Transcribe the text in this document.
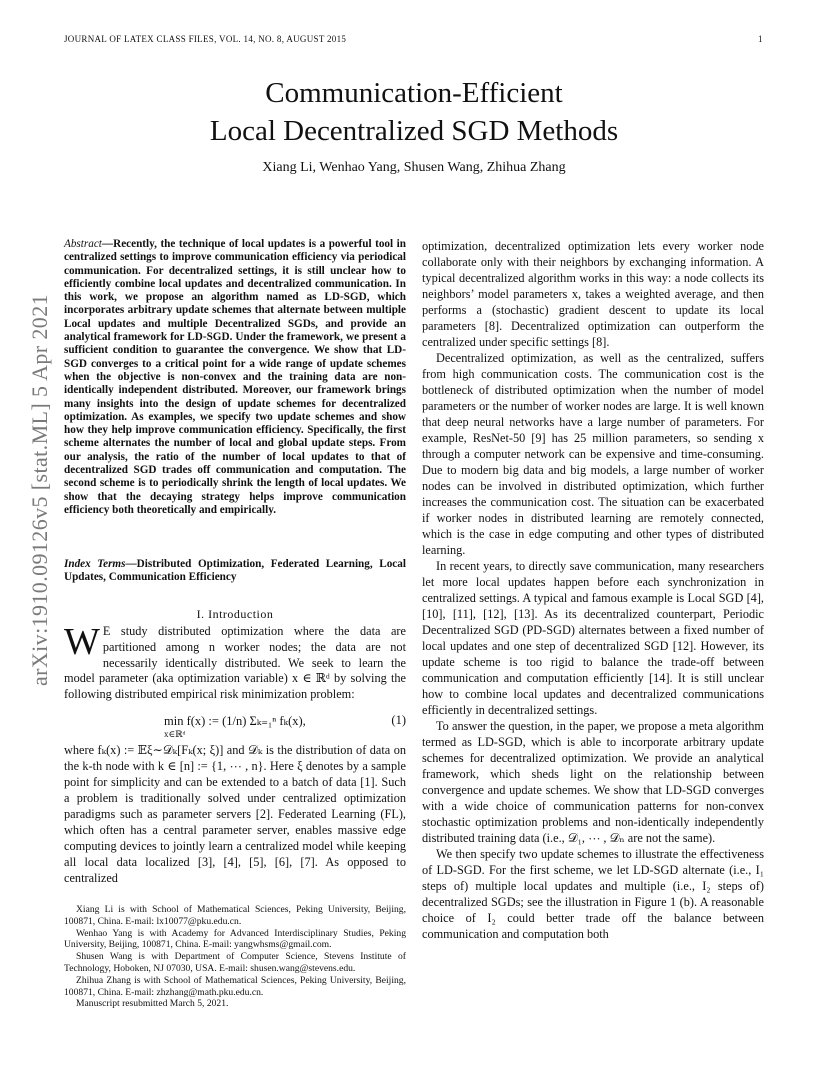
JOURNAL OF LATEX CLASS FILES, VOL. 14, NO. 8, AUGUST 2015	1
Communication-Efficient
Local Decentralized SGD Methods
Xiang Li, Wenhao Yang, Shusen Wang, Zhihua Zhang
arXiv:1910.09126v5 [stat.ML] 5 Apr 2021
Abstract—Recently, the technique of local updates is a powerful tool in centralized settings to improve communication efficiency via periodical communication. For decentralized settings, it is still unclear how to efficiently combine local updates and decentralized communication. In this work, we propose an algorithm named as LD-SGD, which incorporates arbitrary update schemes that alternate between multiple Local updates and multiple Decentralized SGDs, and provide an analytical framework for LD-SGD. Under the framework, we present a sufficient condition to guarantee the convergence. We show that LD-SGD converges to a critical point for a wide range of update schemes when the objective is non-convex and the training data are non-identically independent distributed. Moreover, our framework brings many insights into the design of update schemes for decentralized optimization. As examples, we specify two update schemes and show how they help improve communication efficiency. Specifically, the first scheme alternates the number of local and global update steps. From our analysis, the ratio of the number of local updates to that of decentralized SGD trades off communication and computation. The second scheme is to periodically shrink the length of local updates. We show that the decaying strategy helps improve communication efficiency both theoretically and empirically.
Index Terms—Distributed Optimization, Federated Learning, Local Updates, Communication Efficiency
I. Introduction
W E study distributed optimization where the data are partitioned among n worker nodes; the data are not necessarily identically distributed. We seek to learn the model parameter (aka optimization variable) x ∈ ℝᵈ by solving the following distributed empirical risk minimization problem:
min f(x) := (1/n) Σₖ₌₁ⁿ fₖ(x),	(1)
x∈ℝᵈ
where fₖ(x) := 𝔼ξ∼𝒟ₖ[Fₖ(x; ξ)] and 𝒟ₖ is the distribution of data on the k-th node with k ∈ [n] := {1, ⋯ , n}. Here ξ denotes by a sample point for simplicity and can be extended to a batch of data [1]. Such a problem is traditionally solved under centralized optimization paradigms such as parameter servers [2]. Federated Learning (FL), which often has a central parameter server, enables massive edge computing devices to jointly learn a centralized model while keeping all local data localized [3], [4], [5], [6], [7]. As opposed to centralized

Xiang Li is with School of Mathematical Sciences, Peking University, Beijing, 100871, China. E-mail: lx10077@pku.edu.cn.

Wenhao Yang is with Academy for Advanced Interdisciplinary Studies, Peking University, Beijing, 100871, China. E-mail: yangwhsms@gmail.com.

Shusen Wang is with Department of Computer Science, Stevens Institute of Technology, Hoboken, NJ 07030, USA. E-mail: shusen.wang@stevens.edu.

Zhihua Zhang is with School of Mathematical Sciences, Peking University, Beijing, 100871, China. E-mail: zhzhang@math.pku.edu.cn.

Manuscript resubmitted March 5, 2021.

optimization, decentralized optimization lets every worker node collaborate only with their neighbors by exchanging information. A typical decentralized algorithm works in this way: a node collects its neighbors’ model parameters x, takes a weighted average, and then performs a (stochastic) gradient descent to update its local parameters [8]. Decentralized optimization can outperform the centralized under specific settings [8].

Decentralized optimization, as well as the centralized, suffers from high communication costs. The communication cost is the bottleneck of distributed optimization when the number of model parameters or the number of worker nodes are large. It is well known that deep neural networks have a large number of parameters. For example, ResNet-50 [9] has 25 million parameters, so sending x through a computer network can be expensive and time-consuming. Due to modern big data and big models, a large number of worker nodes can be involved in distributed optimization, which further increases the communication cost. The situation can be exacerbated if worker nodes in distributed learning are remotely connected, which is the case in edge computing and other types of distributed learning.

In recent years, to directly save communication, many researchers let more local updates happen before each synchronization in centralized settings. A typical and famous example is Local SGD [4], [10], [11], [12], [13]. As its decentralized counterpart, Periodic Decentralized SGD (PD-SGD) alternates between a fixed number of local updates and one step of decentralized SGD [12]. However, its update scheme is too rigid to balance the trade-off between communication and computation efficiently [14]. It is still unclear how to combine local updates and decentralized communications efficiently in decentralized settings.

To answer the question, in the paper, we propose a meta algorithm termed as LD-SGD, which is able to incorporate arbitrary update schemes for decentralized optimization. We provide an analytical framework, which sheds light on the relationship between convergence and update schemes. We show that LD-SGD converges with a wide choice of communication patterns for non-convex stochastic optimization problems and non-identically independently distributed training data (i.e., 𝒟₁, ⋯ , 𝒟ₙ are not the same).

We then specify two update schemes to illustrate the effectiveness of LD-SGD. For the first scheme, we let LD-SGD alternate (i.e., I₁ steps of) multiple local updates and multiple (i.e., I₂ steps of) decentralized SGDs; see the illustration in Figure 1 (b). A reasonable choice of I₂ could better trade off the balance between communication and computation both
